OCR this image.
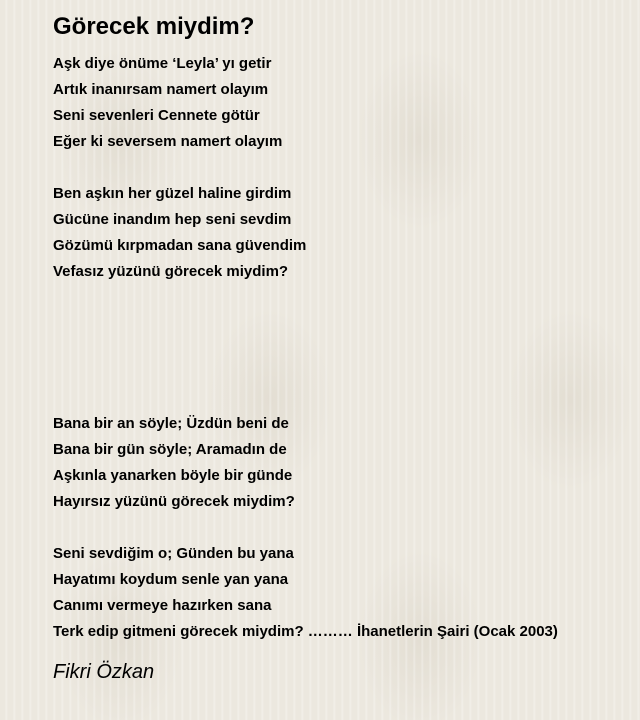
Görecek miydim?
Aşk diye önüme ‘Leyla’ yı getir
Artık inanırsam namert olayım
Seni sevenleri Cennete götür
Eğer ki seversem namert olayım
Ben aşkın her güzel haline girdim
Gücüne inandım hep seni sevdim
Gözümü kırpmadan sana güvendim
Vefasız yüzünü görecek miydim?
Bana bir an söyle; Üzdün beni de
Bana bir gün söyle; Aramadın de
Aşkınla yanarken böyle bir günde
Hayırsız yüzünü görecek miydim?
Seni sevdiğim o; Günden bu yana
Hayatımı koydum senle yan yana
Canımı vermeye hazırken sana
Terk edip gitmeni görecek miydim? ……… İhanetlerin Şairi (Ocak 2003)
Fikri Özkan
